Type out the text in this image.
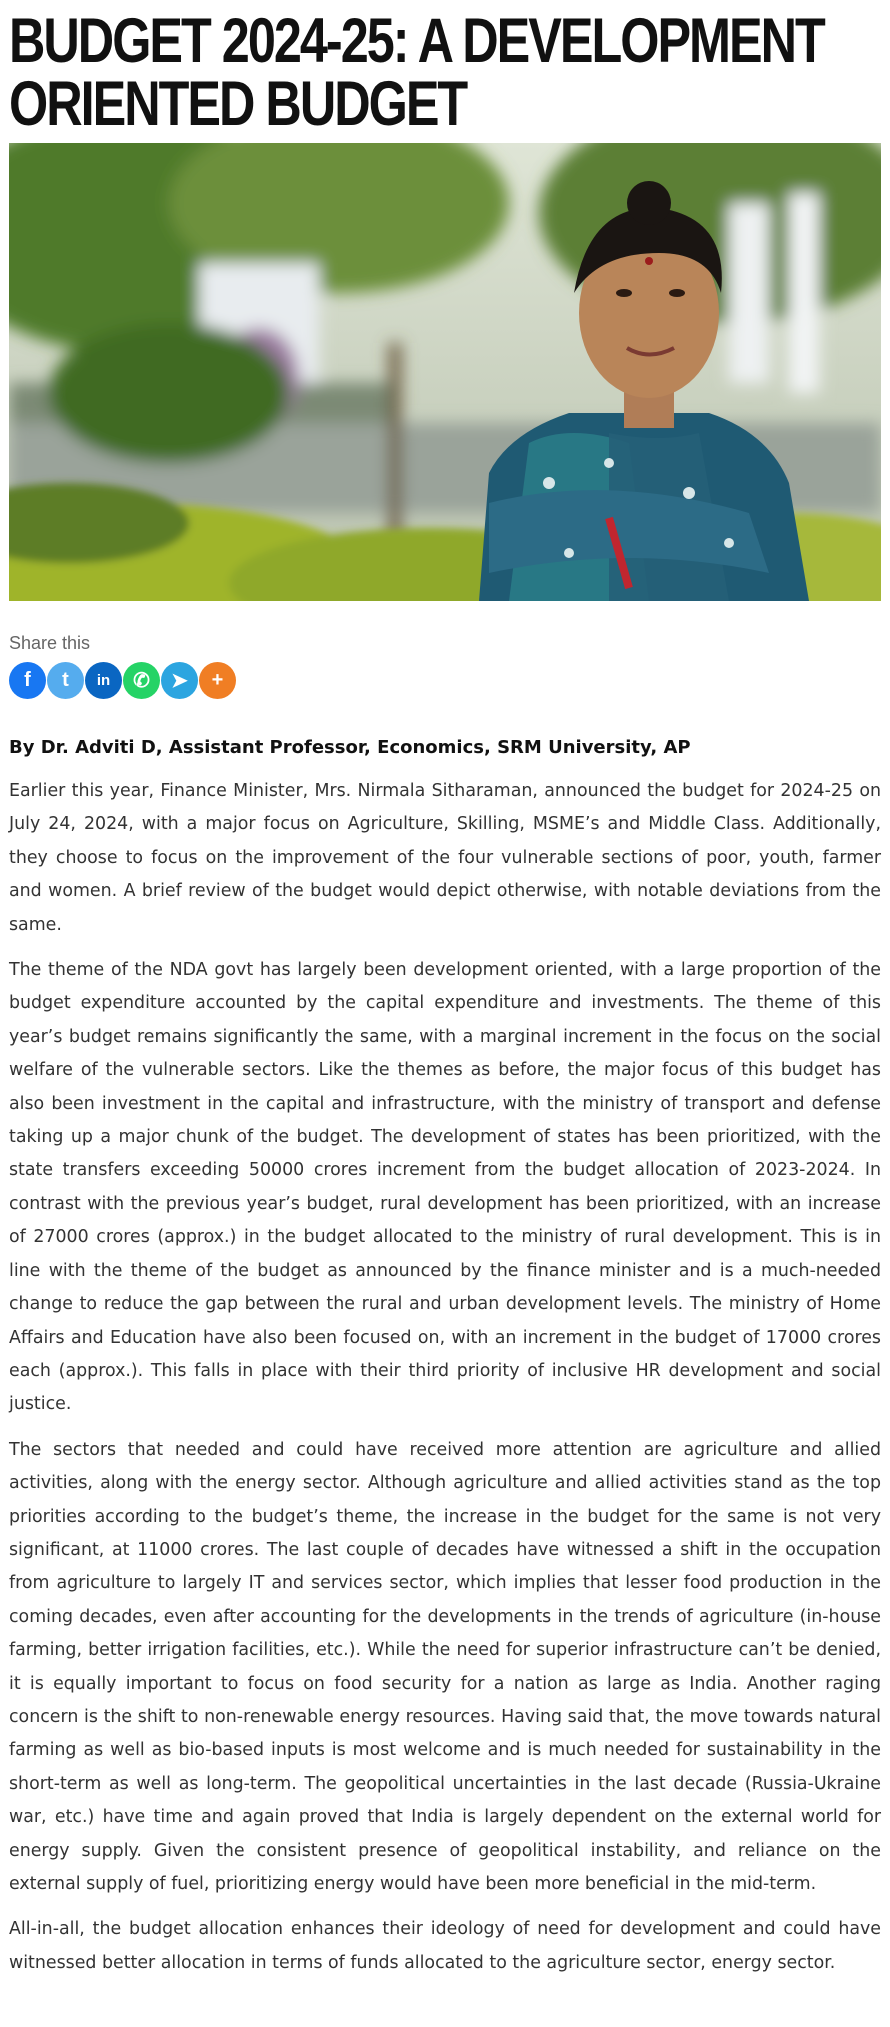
BUDGET 2024-25: A DEVELOPMENT ORIENTED BUDGET
Share this
f t in ✆ ➤ +
By Dr. Adviti D, Assistant Professor, Economics, SRM University, AP

Earlier this year, Finance Minister, Mrs. Nirmala Sitharaman, announced the budget for 2024-25 on July 24, 2024, with a major focus on Agriculture, Skilling, MSME’s and Middle Class. Additionally, they choose to focus on the improvement of the four vulnerable sections of poor, youth, farmer and women. A brief review of the budget would depict otherwise, with notable deviations from the same.

The theme of the NDA govt has largely been development oriented, with a large proportion of the budget expenditure accounted by the capital expenditure and investments. The theme of this year’s budget remains significantly the same, with a marginal increment in the focus on the social welfare of the vulnerable sectors. Like the themes as before, the major focus of this budget has also been investment in the capital and infrastructure, with the ministry of transport and defense taking up a major chunk of the budget. The development of states has been prioritized, with the state transfers exceeding 50000 crores increment from the budget allocation of 2023-2024. In contrast with the previous year’s budget, rural development has been prioritized, with an increase of 27000 crores (approx.) in the budget allocated to the ministry of rural development. This is in line with the theme of the budget as announced by the finance minister and is a much-needed change to reduce the gap between the rural and urban development levels. The ministry of Home Affairs and Education have also been focused on, with an increment in the budget of 17000 crores each (approx.). This falls in place with their third priority of inclusive HR development and social justice.

The sectors that needed and could have received more attention are agriculture and allied activities, along with the energy sector. Although agriculture and allied activities stand as the top priorities according to the budget’s theme, the increase in the budget for the same is not very significant, at 11000 crores. The last couple of decades have witnessed a shift in the occupation from agriculture to largely IT and services sector, which implies that lesser food production in the coming decades, even after accounting for the developments in the trends of agriculture (in-house farming, better irrigation facilities, etc.). While the need for superior infrastructure can’t be denied, it is equally important to focus on food security for a nation as large as India. Another raging concern is the shift to non-renewable energy resources. Having said that, the move towards natural farming as well as bio-based inputs is most welcome and is much needed for sustainability in the short-term as well as long-term. The geopolitical uncertainties in the last decade (Russia-Ukraine war, etc.) have time and again proved that India is largely dependent on the external world for energy supply. Given the consistent presence of geopolitical instability, and reliance on the external supply of fuel, prioritizing energy would have been more beneficial in the mid-term.

All-in-all, the budget allocation enhances their ideology of need for development and could have witnessed better allocation in terms of funds allocated to the agriculture sector, energy sector.
